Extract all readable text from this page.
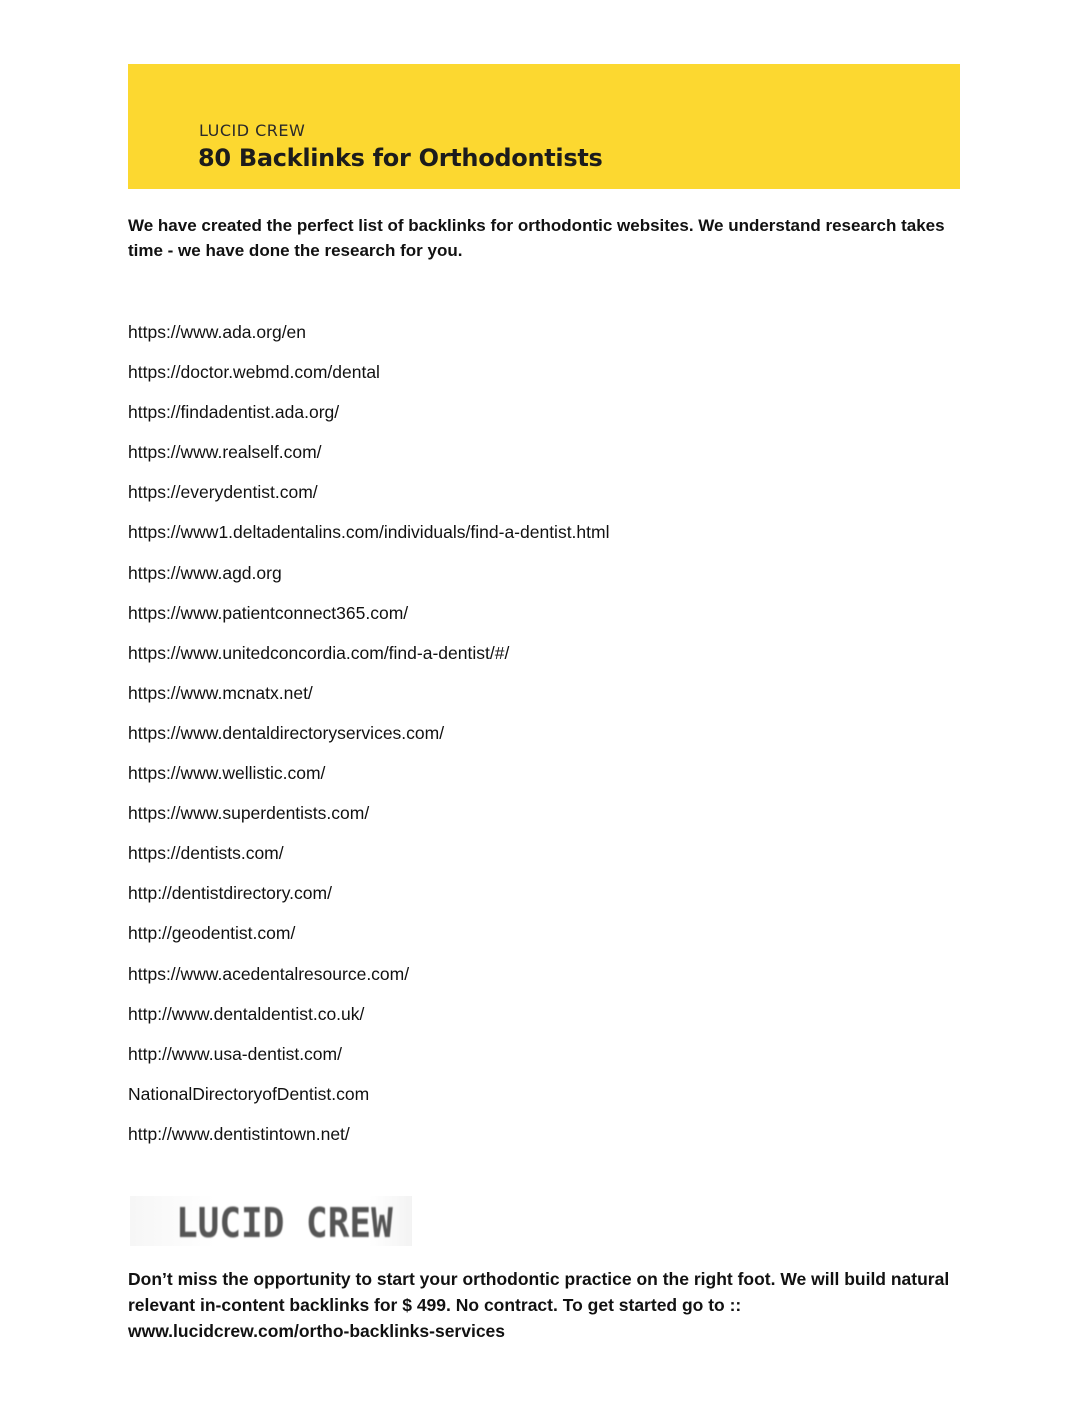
LUCID CREW
80 Backlinks for Orthodontists
We have created the perfect list of backlinks for orthodontic websites. We understand research takes time - we have done the research for you.
https://www.ada.org/en
https://doctor.webmd.com/dental
https://findadentist.ada.org/
https://www.realself.com/
https://everydentist.com/
https://www1.deltadentalins.com/individuals/find-a-dentist.html
https://www.agd.org
https://www.patientconnect365.com/
https://www.unitedconcordia.com/find-a-dentist/#/
https://www.mcnatx.net/
https://www.dentaldirectoryservices.com/
https://www.wellistic.com/
https://www.superdentists.com/
https://dentists.com/
http://dentistdirectory.com/
http://geodentist.com/
https://www.acedentalresource.com/
http://www.dentaldentist.co.uk/
http://www.usa-dentist.com/
NationalDirectoryofDentist.com
http://www.dentistintown.net/
LUCID CREW
Don’t miss the opportunity to start your orthodontic practice on the right foot. We will build natural relevant in-content backlinks for $ 499. No contract. To get started go to :: www.lucidcrew.com/ortho-backlinks-services
